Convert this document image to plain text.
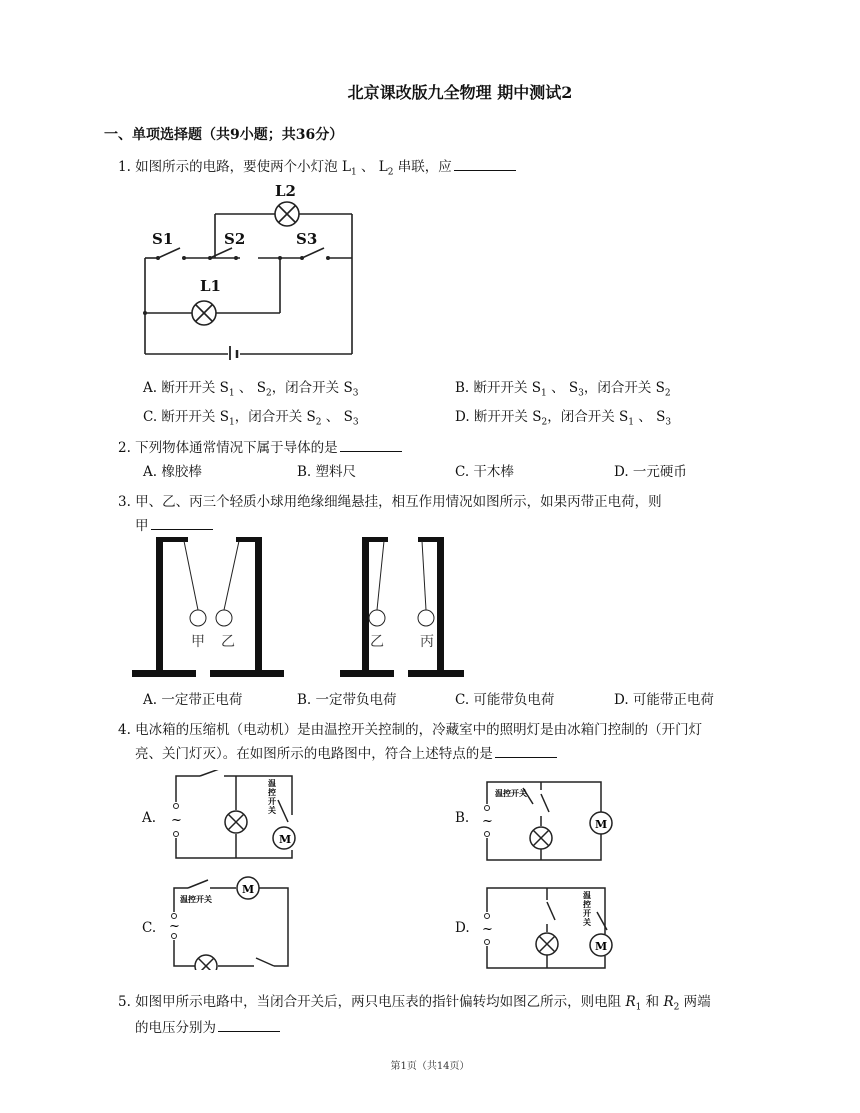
北京课改版九全物理 期中测试2
一、单项选择题（共9小题；共36分）
1. 如图所示的电路，要使两个小灯泡 $L_1$ 、 $L_2$ 串联，应
L2
S1	S2	S3
L1
A. 断开开关 $S_1$ 、 $S_2$，闭合开关 $S_3$	B. 断开开关 $S_1$ 、 $S_3$，闭合开关 $S_2$
C. 断开开关 $S_1$，闭合开关 $S_2$ 、 $S_3$	D. 断开开关 $S_2$，闭合开关 $S_1$ 、 $S_3$
2. 下列物体通常情况下属于导体的是
A. 橡胶棒	B. 塑料尺	C. 干木棒	D. 一元硬币
3. 甲、乙、丙三个轻质小球用绝缘细绳悬挂，相互作用情况如图所示，如果丙带正电荷，则
甲
甲 乙	乙	丙
A. 一定带正电荷	B. 一定带负电荷	C. 可能带负电荷	D. 可能带正电荷
4. 电冰箱的压缩机（电动机）是由温控开关控制的，冷藏室中的照明灯是由冰箱门控制的（开门灯
亮、关门灯灭）。在如图所示的电路图中，符合上述特点的是
A. ~
M
温控开关	B. ~	M
温控开关
C. ~
M
温控开关
D. ~
M
温控开关
5. 如图甲所示电路中，当闭合开关后，两只电压表的指针偏转均如图乙所示，则电阻 $R_1$ 和 $R_2$ 两端
的电压分别为
第1页（共14页）
